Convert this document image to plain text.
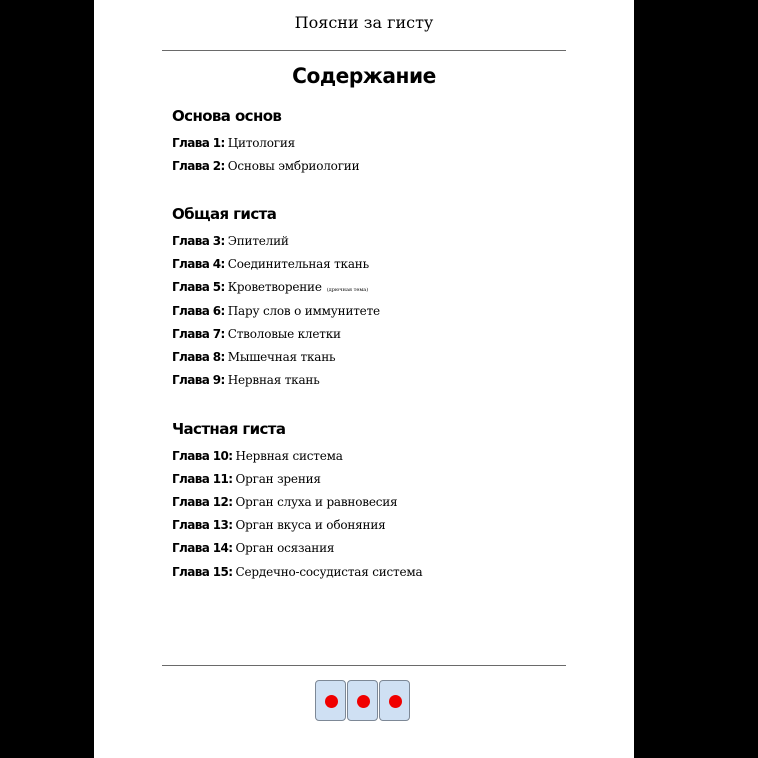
Поясни за гисту
Содержание
Основа основ
Глава 1: Цитология
Глава 2: Основы эмбриологии
Общая гиста
Глава 3: Эпителий
Глава 4: Соединительная ткань
Глава 5: Кроветворение (дрючная тема)
Глава 6: Пару слов о иммунитете
Глава 7: Стволовые клетки
Глава 8: Мышечная ткань
Глава 9: Нервная ткань
Частная гиста
Глава 10: Нервная система
Глава 11: Орган зрения
Глава 12: Орган слуха и равновесия
Глава 13: Орган вкуса и обоняния
Глава 14: Орган осязания
Глава 15: Сердечно-сосудистая система
